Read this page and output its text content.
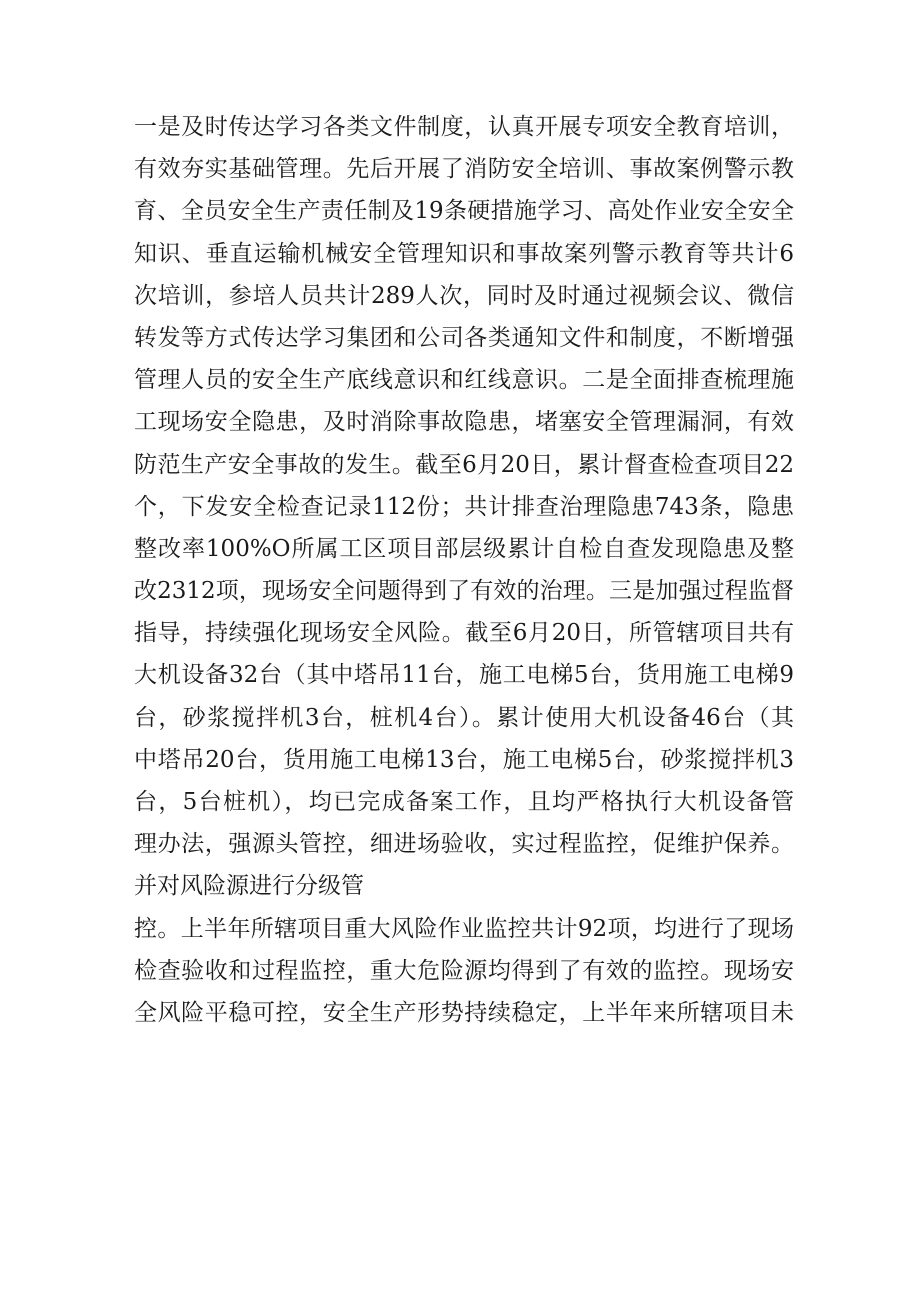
一是及时传达学习各类文件制度，认真开展专项安全教育培训，
有效夯实基础管理。先后开展了消防安全培训、事故案例警示教
育、全员安全生产责任制及19条硬措施学习、高处作业安全安全
知识、垂直运输机械安全管理知识和事故案列警示教育等共计6
次培训，参培人员共计289人次，同时及时通过视频会议、微信
转发等方式传达学习集团和公司各类通知文件和制度，不断增强
管理人员的安全生产底线意识和红线意识。二是全面排查梳理施
工现场安全隐患，及时消除事故隐患，堵塞安全管理漏洞，有效
防范生产安全事故的发生。截至6月20日，累计督查检查项目22
个，下发安全检查记录112份；共计排查治理隐患743条，隐患
整改率100%O所属工区项目部层级累计自检自查发现隐患及整
改2312项，现场安全问题得到了有效的治理。三是加强过程监督
指导，持续强化现场安全风险。截至6月20日，所管辖项目共有
大机设备32台（其中塔吊11台，施工电梯5台，货用施工电梯9
台，砂浆搅拌机3台，桩机4台）。累计使用大机设备46台（其
中塔吊20台，货用施工电梯13台，施工电梯5台，砂浆搅拌机3
台，5台桩机），均已完成备案工作，且均严格执行大机设备管
理办法，强源头管控，细进场验收，实过程监控，促维护保养。
并对风险源进行分级管
控。上半年所辖项目重大风险作业监控共计92项，均进行了现场
检查验收和过程监控，重大危险源均得到了有效的监控。现场安
全风险平稳可控，安全生产形势持续稳定，上半年来所辖项目未
